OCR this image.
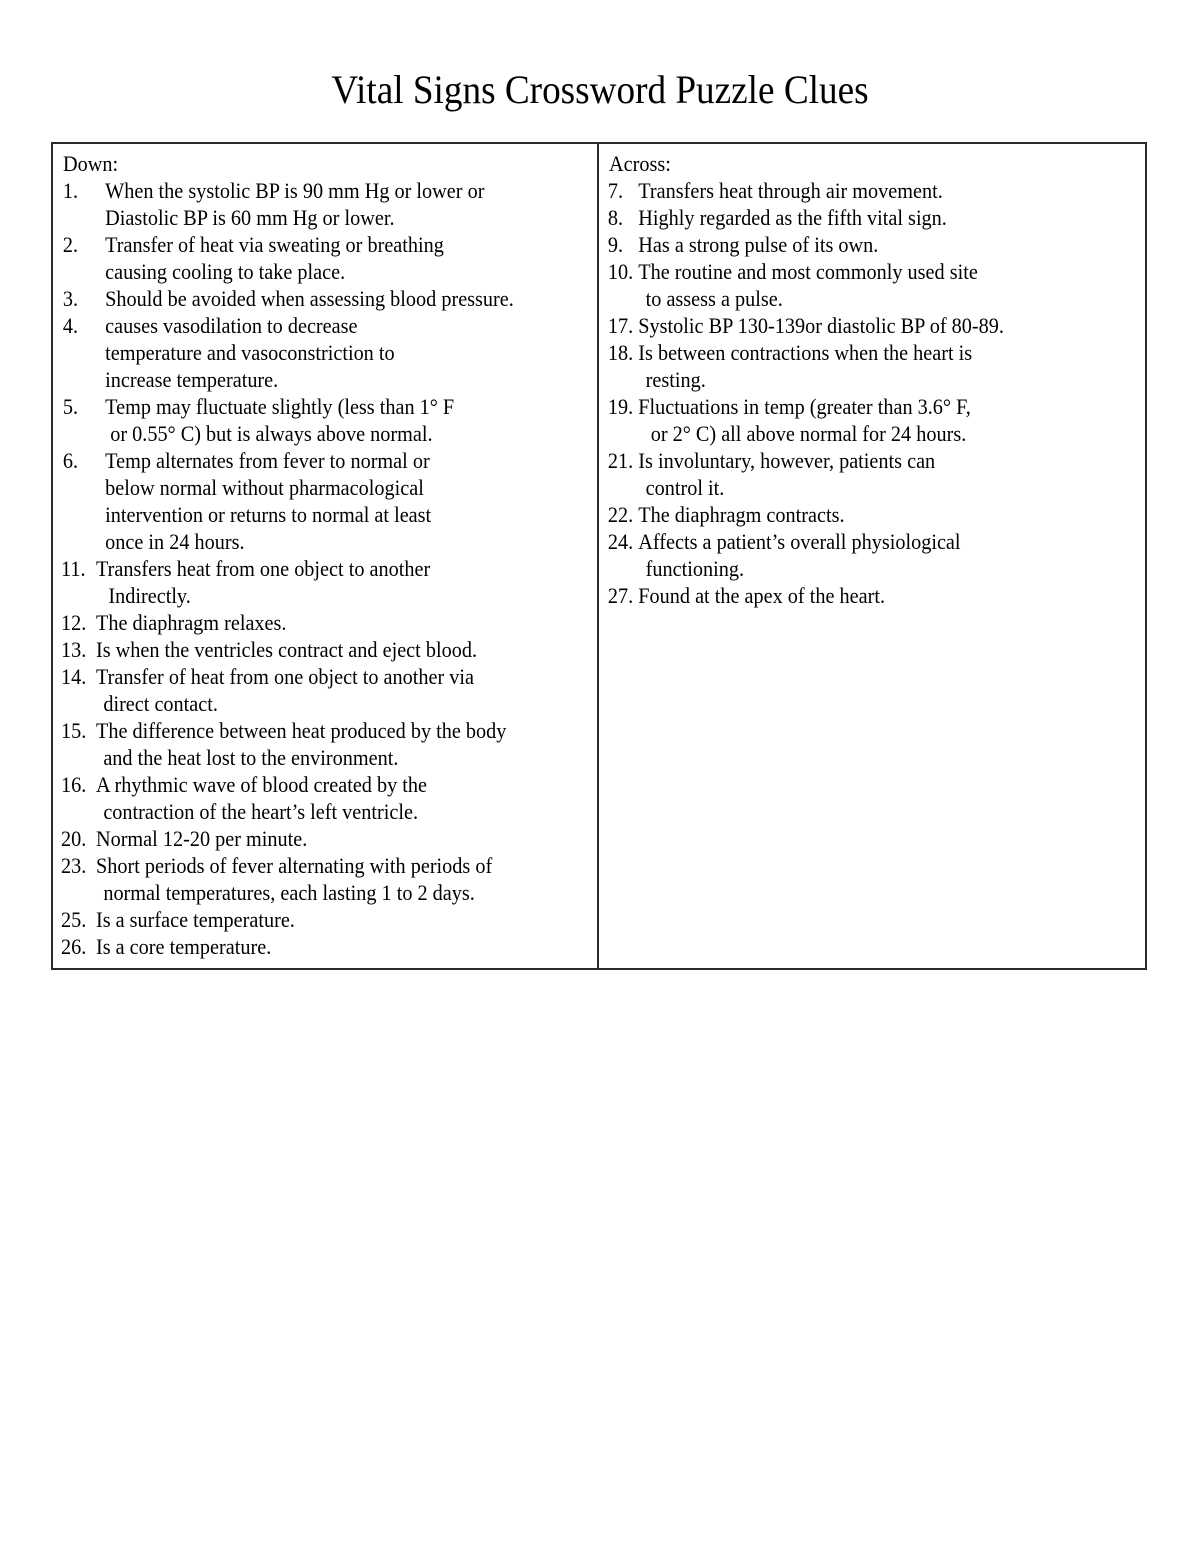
Vital Signs Crossword Puzzle Clues
Down:
1. When the systolic BP is 90 mm Hg or lower or
Diastolic BP is 60 mm Hg or lower.
2. Transfer of heat via sweating or breathing
causing cooling to take place.
3. Should be avoided when assessing blood pressure.
4. causes vasodilation to decrease
temperature and vasoconstriction to
increase temperature.
5. Temp may fluctuate slightly (less than 1° F
or 0.55° C) but is always above normal.
6. Temp alternates from fever to normal or
below normal without pharmacological
intervention or returns to normal at least
once in 24 hours.
11. Transfers heat from one object to another
Indirectly.
12. The diaphragm relaxes.
13. Is when the ventricles contract and eject blood.
14. Transfer of heat from one object to another via
direct contact.
15. The difference between heat produced by the body
and the heat lost to the environment.
16. A rhythmic wave of blood created by the
contraction of the heart’s left ventricle.
20. Normal 12-20 per minute.
23. Short periods of fever alternating with periods of
normal temperatures, each lasting 1 to 2 days.
25. Is a surface temperature.
26. Is a core temperature.
Across:
7. Transfers heat through air movement.
8. Highly regarded as the fifth vital sign.
9. Has a strong pulse of its own.
10. The routine and most commonly used site
to assess a pulse.
17. Systolic BP 130-139or diastolic BP of 80-89.
18. Is between contractions when the heart is
resting.
19. Fluctuations in temp (greater than 3.6° F,
or 2° C) all above normal for 24 hours.
21. Is involuntary, however, patients can
control it.
22. The diaphragm contracts.
24. Affects a patient’s overall physiological
functioning.
27. Found at the apex of the heart.
